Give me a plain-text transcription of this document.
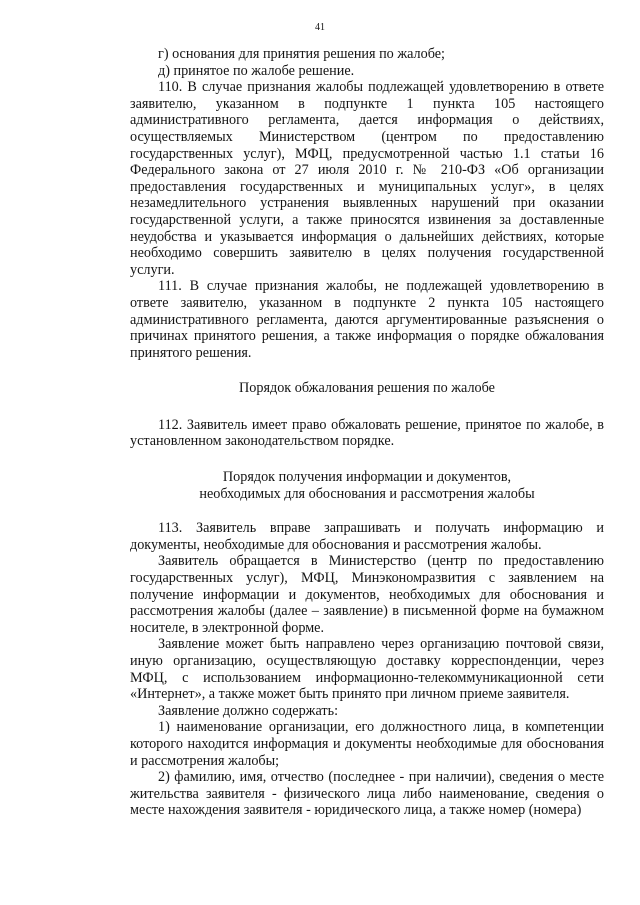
41

г) основания для принятия решения по жалобе;

д) принятое по жалобе решение.

110. В случае признания жалобы подлежащей удовлетворению в ответе заявителю, указанном в подпункте 1 пункта 105 настоящего административного регламента, дается информация о действиях, осуществляемых Министерством (центром по предоставлению государственных услуг), МФЦ, предусмотренной частью 1.1 статьи 16 Федерального закона от 27 июля 2010 г. № 210-ФЗ «Об организации предоставления государственных и муниципальных услуг», в целях незамедлительного устранения выявленных нарушений при оказании государственной услуги, а также приносятся извинения за доставленные неудобства и указывается информация о дальнейших действиях, которые необходимо совершить заявителю в целях получения государственной услуги.

111. В случае признания жалобы, не подлежащей удовлетворению в ответе заявителю, указанном в подпункте 2 пункта 105 настоящего административного регламента, даются аргументированные разъяснения о причинах принятого решения, а также информация о порядке обжалования принятого решения.

Порядок обжалования решения по жалобе

112. Заявитель имеет право обжаловать решение, принятое по жалобе, в установленном законодательством порядке.

Порядок получения информации и документов,
необходимых для обоснования и рассмотрения жалобы

113. Заявитель вправе запрашивать и получать информацию и документы, необходимые для обоснования и рассмотрения жалобы.

Заявитель обращается в Министерство (центр по предоставлению государственных услуг), МФЦ, Минэкономразвития с заявлением на получение информации и документов, необходимых для обоснования и рассмотрения жалобы (далее – заявление) в письменной форме на бумажном носителе, в электронной форме.

Заявление может быть направлено через организацию почтовой связи, иную организацию, осуществляющую доставку корреспонденции, через МФЦ, с использованием информационно-телекоммуникационной сети «Интернет», а также может быть принято при личном приеме заявителя.

Заявление должно содержать:

1) наименование организации, его должностного лица, в компетенции которого находится информация и документы необходимые для обоснования и рассмотрения жалобы;

2) фамилию, имя, отчество (последнее - при наличии), сведения о месте жительства заявителя - физического лица либо наименование, сведения о месте нахождения заявителя - юридического лица, а также номер (номера)
